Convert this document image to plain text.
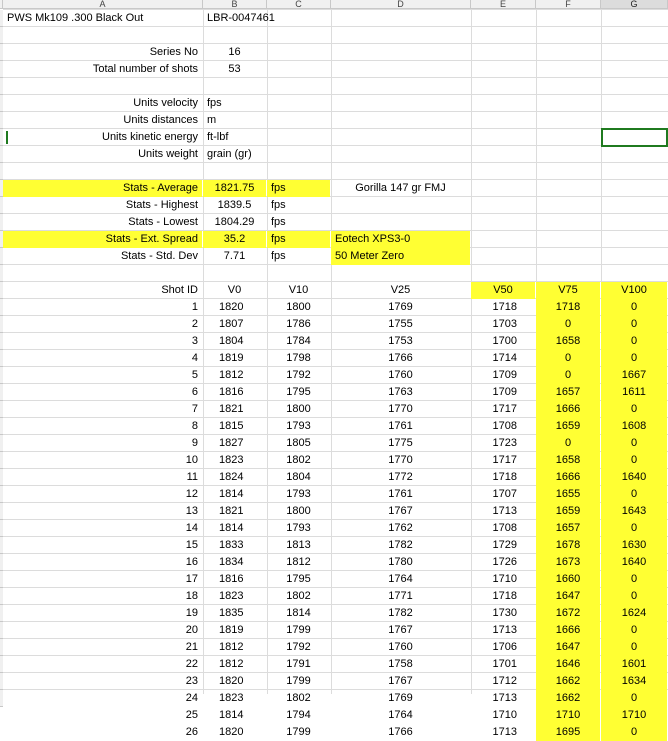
A	B	C	D	E	F	G
PWS Mk109 .300 Black Out	LBR-0047461
Series No	16
Total number of shots	53
Units velocity fps
Units distances m
Units kinetic energy ft-lbf
Units weight grain (gr)
Stats - Average	1821.75	fps	Gorilla 147 gr FMJ
Stats - Highest	1839.5	fps
Stats - Lowest	1804.29	fps
Stats - Ext. Spread	35.2	fps	Eotech XPS3-0
Stats - Std. Dev	7.71	fps	50 Meter Zero
Shot ID	V0	V10	V25	V50	V75	V100
1	1820	1800	1769	1718	1718	0
2	1807	1786	1755	1703	0	0
3	1804	1784	1753	1700	1658	0
4	1819	1798	1766	1714	0	0
5	1812	1792	1760	1709	0	1667
6	1816	1795	1763	1709	1657	1611
7	1821	1800	1770	1717	1666	0
8	1815	1793	1761	1708	1659	1608
9	1827	1805	1775	1723	0	0
10	1823	1802	1770	1717	1658	0
11	1824	1804	1772	1718	1666	1640
12	1814	1793	1761	1707	1655	0
13	1821	1800	1767	1713	1659	1643
14	1814	1793	1762	1708	1657	0
15	1833	1813	1782	1729	1678	1630
16	1834	1812	1780	1726	1673	1640
17	1816	1795	1764	1710	1660	0
18	1823	1802	1771	1718	1647	0
19	1835	1814	1782	1730	1672	1624
20	1819	1799	1767	1713	1666	0
21	1812	1792	1760	1706	1647	0
22	1812	1791	1758	1701	1646	1601
23	1820	1799	1767	1712	1662	1634
24	1823	1802	1769	1713	1662	0
25	1814	1794	1764	1710	1710	1710
26	1820	1799	1766	1713	1695	0
